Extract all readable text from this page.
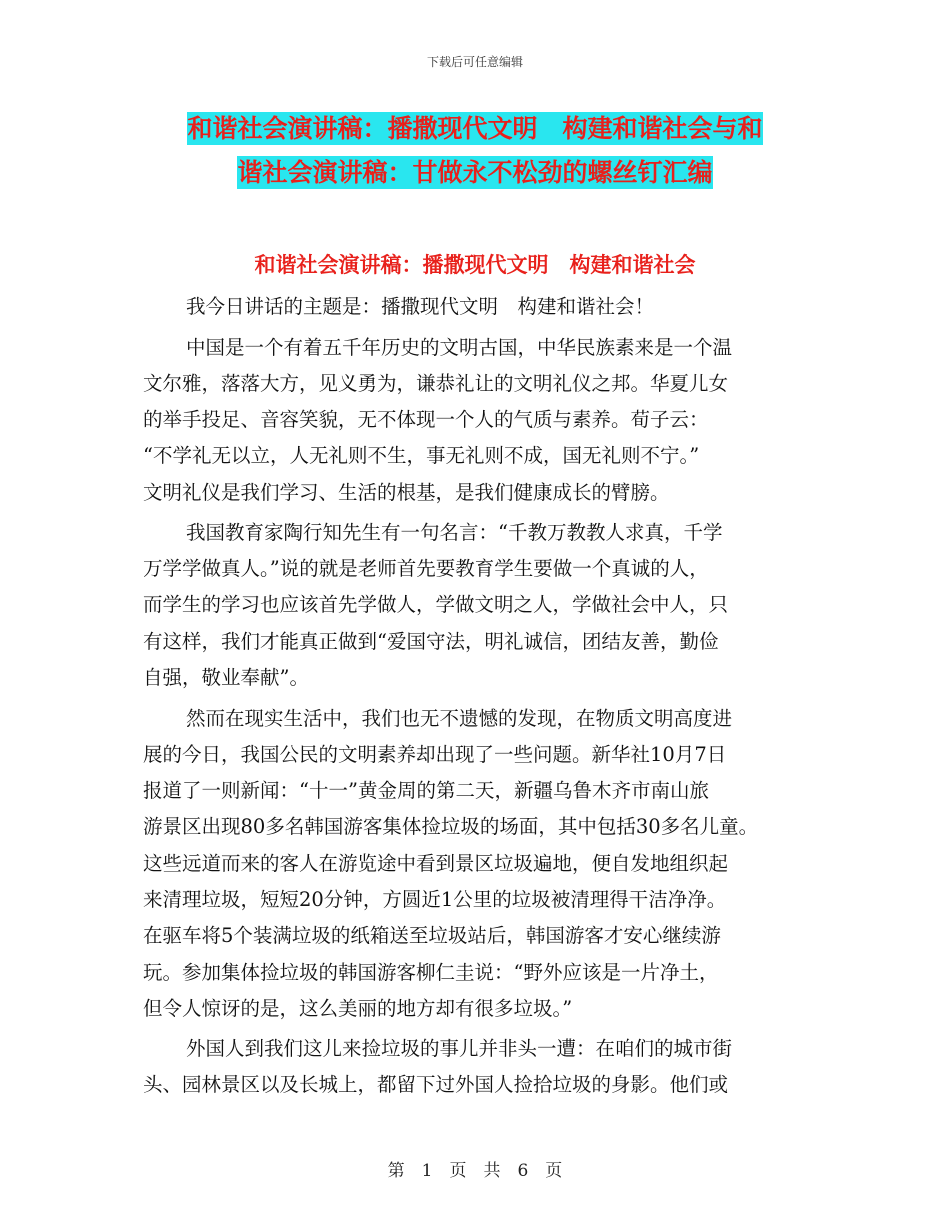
下载后可任意编辑
和谐社会演讲稿：播撒现代文明　构建和谐社会与和
谐社会演讲稿：甘做永不松劲的螺丝钉汇编
和谐社会演讲稿：播撒现代文明　构建和谐社会
我今日讲话的主题是：播撒现代文明　构建和谐社会！
中国是一个有着五千年历史的文明古国，中华民族素来是一个温
文尔雅，落落大方，见义勇为，谦恭礼让的文明礼仪之邦。华夏儿女
的举手投足、音容笑貌，无不体现一个人的气质与素养。荀子云：
“不学礼无以立，人无礼则不生，事无礼则不成，国无礼则不宁。”
文明礼仪是我们学习、生活的根基，是我们健康成长的臂膀。
我国教育家陶行知先生有一句名言：“千教万教教人求真，千学
万学学做真人。”说的就是老师首先要教育学生要做一个真诚的人，
而学生的学习也应该首先学做人，学做文明之人，学做社会中人，只
有这样，我们才能真正做到“爱国守法，明礼诚信，团结友善，勤俭
自强，敬业奉献”。
然而在现实生活中，我们也无不遗憾的发现，在物质文明高度进
展的今日，我国公民的文明素养却出现了一些问题。新华社10月7日
报道了一则新闻：“十一”黄金周的第二天，新疆乌鲁木齐市南山旅
游景区出现80多名韩国游客集体捡垃圾的场面，其中包括30多名儿童。
这些远道而来的客人在游览途中看到景区垃圾遍地，便自发地组织起
来清理垃圾，短短20分钟，方圆近1公里的垃圾被清理得干洁净净。
在驱车将5个装满垃圾的纸箱送至垃圾站后，韩国游客才安心继续游
玩。参加集体捡垃圾的韩国游客柳仁圭说：“野外应该是一片净土，
但令人惊讶的是，这么美丽的地方却有很多垃圾。”
外国人到我们这儿来捡垃圾的事儿并非头一遭：在咱们的城市街
头、园林景区以及长城上，都留下过外国人捡拾垃圾的身影。他们或
第　1　页　共　6　页
